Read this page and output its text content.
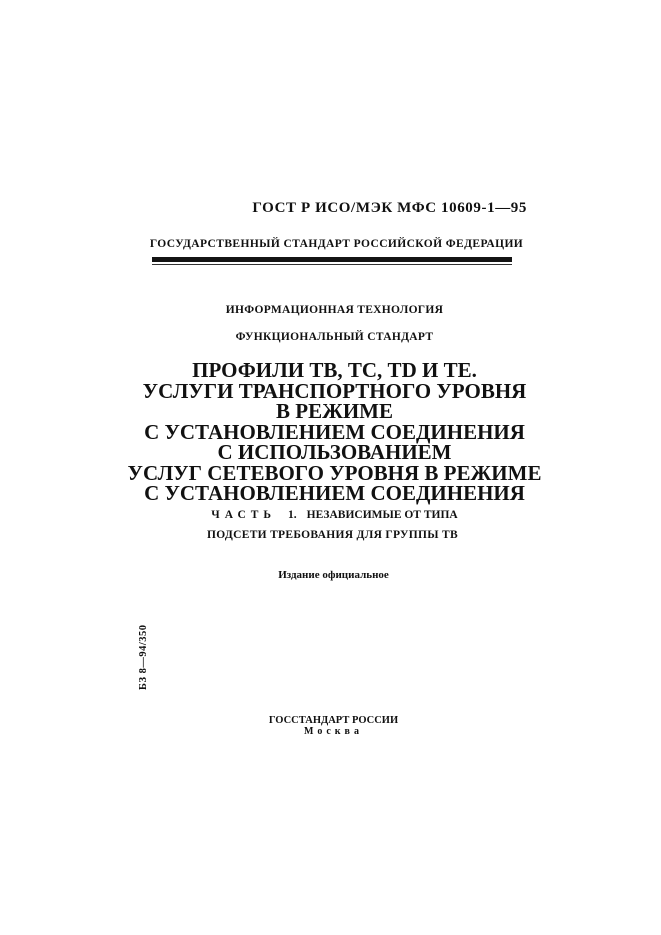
ГОСТ Р ИСО/МЭК МФС 10609-1—95
ГОСУДАРСТВЕННЫЙ СТАНДАРТ РОССИЙСКОЙ ФЕДЕРАЦИИ
ИНФОРМАЦИОННАЯ ТЕХНОЛОГИЯ
ФУНКЦИОНАЛЬНЫЙ СТАНДАРТ
ПРОФИЛИ ТВ, ТС, TD И ТЕ.
УСЛУГИ ТРАНСПОРТНОГО УРОВНЯ
В РЕЖИМЕ
С УСТАНОВЛЕНИЕМ СОЕДИНЕНИЯ
С ИСПОЛЬЗОВАНИЕМ
УСЛУГ СЕТЕВОГО УРОВНЯ В РЕЖИМЕ
С УСТАНОВЛЕНИЕМ СОЕДИНЕНИЯ
ЧАСТЬ 1. НЕЗАВИСИМЫЕ ОТ ТИПА
ПОДСЕТИ ТРЕБОВАНИЯ ДЛЯ ГРУППЫ ТВ
Издание официальное
БЗ 8—94/350
ГОССТАНДАРТ РОССИИ
Москва
